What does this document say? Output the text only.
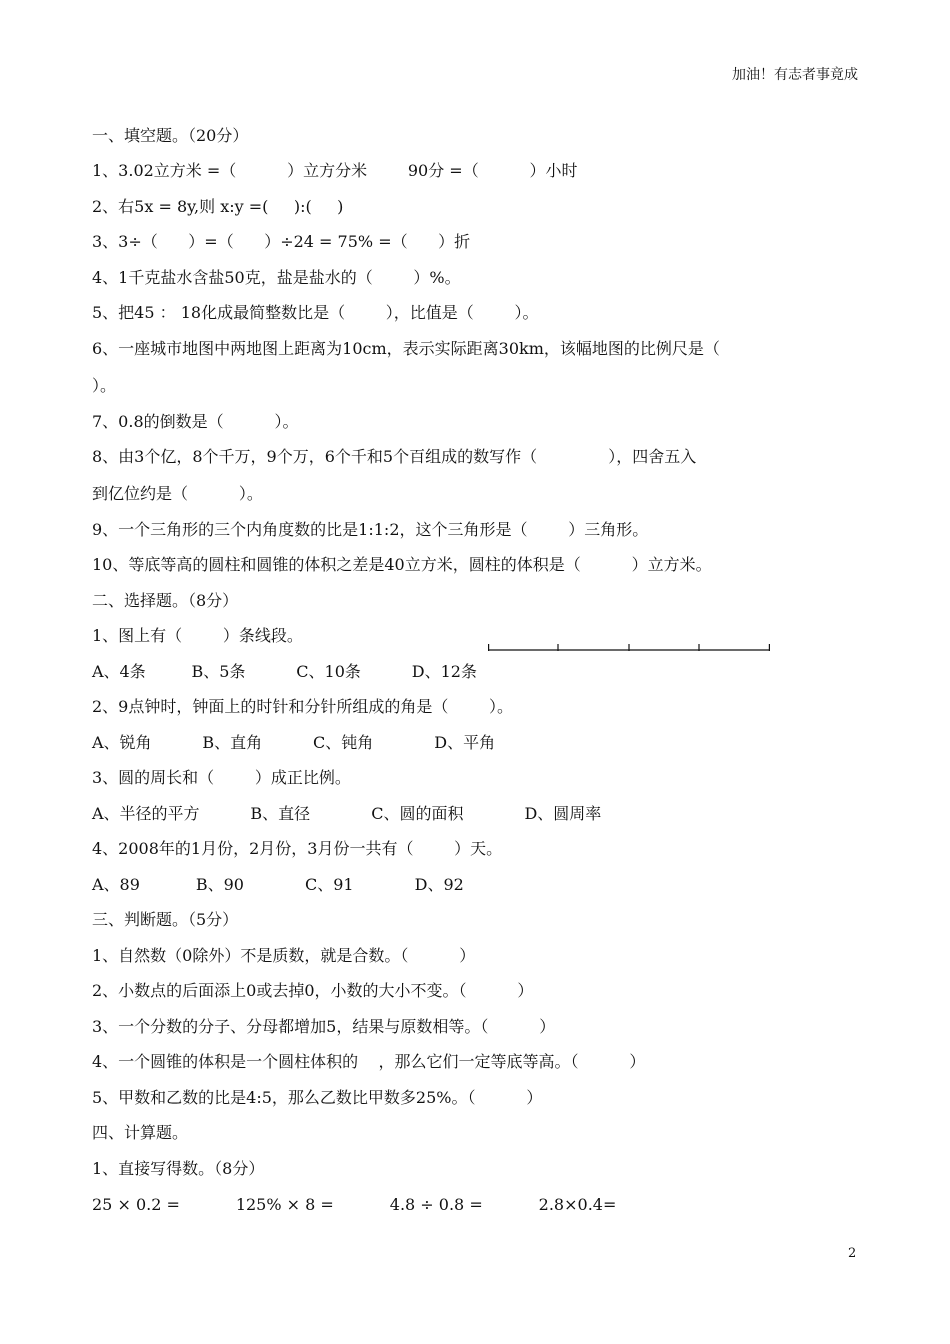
加油！有志者事竟成
一、填空题。（20分）
1、3.02立方米 =（          ）立方分米        90分 =（          ）小时
2、右5x = 8y,则 x:y =(     ):(     )
3、3÷（      ）=（      ）÷24 = 75% =（      ）折
4、1千克盐水含盐50克，盐是盐水的（        ）%。
5、把45 ： 18化成最简整数比是（        ），比值是（        ）。
6、一座城市地图中两地图上距离为10cm，表示实际距离30km，该幅地图的比例尺是（
）。
7、0.8的倒数是（          ）。
8、由3个亿，8个千万，9个万，6个千和5个百组成的数写作（              ），四舍五入
到亿位约是（          ）。
9、一个三角形的三个内角度数的比是1:1:2，这个三角形是（        ）三角形。
10、等底等高的圆柱和圆锥的体积之差是40立方米，圆柱的体积是（          ）立方米。
二、选择题。（8分）
1、图上有（        ）条线段。
A、4条         B、5条          C、10条          D、12条
2、9点钟时，钟面上的时针和分针所组成的角是（        ）。
A、锐角          B、直角          C、钝角            D、平角
3、圆的周长和（        ）成正比例。
A、半径的平方          B、直径            C、圆的面积            D、圆周率
4、2008年的1月份，2月份，3月份一共有（        ）天。
A、89           B、90            C、91            D、92
三、判断题。（5分）
1、自然数（0除外）不是质数，就是合数。（          ）
2、小数点的后面添上0或去掉0，小数的大小不变。（          ）
3、一个分数的分子、分母都增加5，结果与原数相等。（          ）
4、一个圆锥的体积是一个圆柱体积的    ，那么它们一定等底等高。（          ）
5、甲数和乙数的比是4:5，那么乙数比甲数多25%。（          ）
四、计算题。
1、直接写得数。（8分）
25 × 0.2 =           125% × 8 =           4.8 ÷ 0.8 =           2.8×0.4=
2
